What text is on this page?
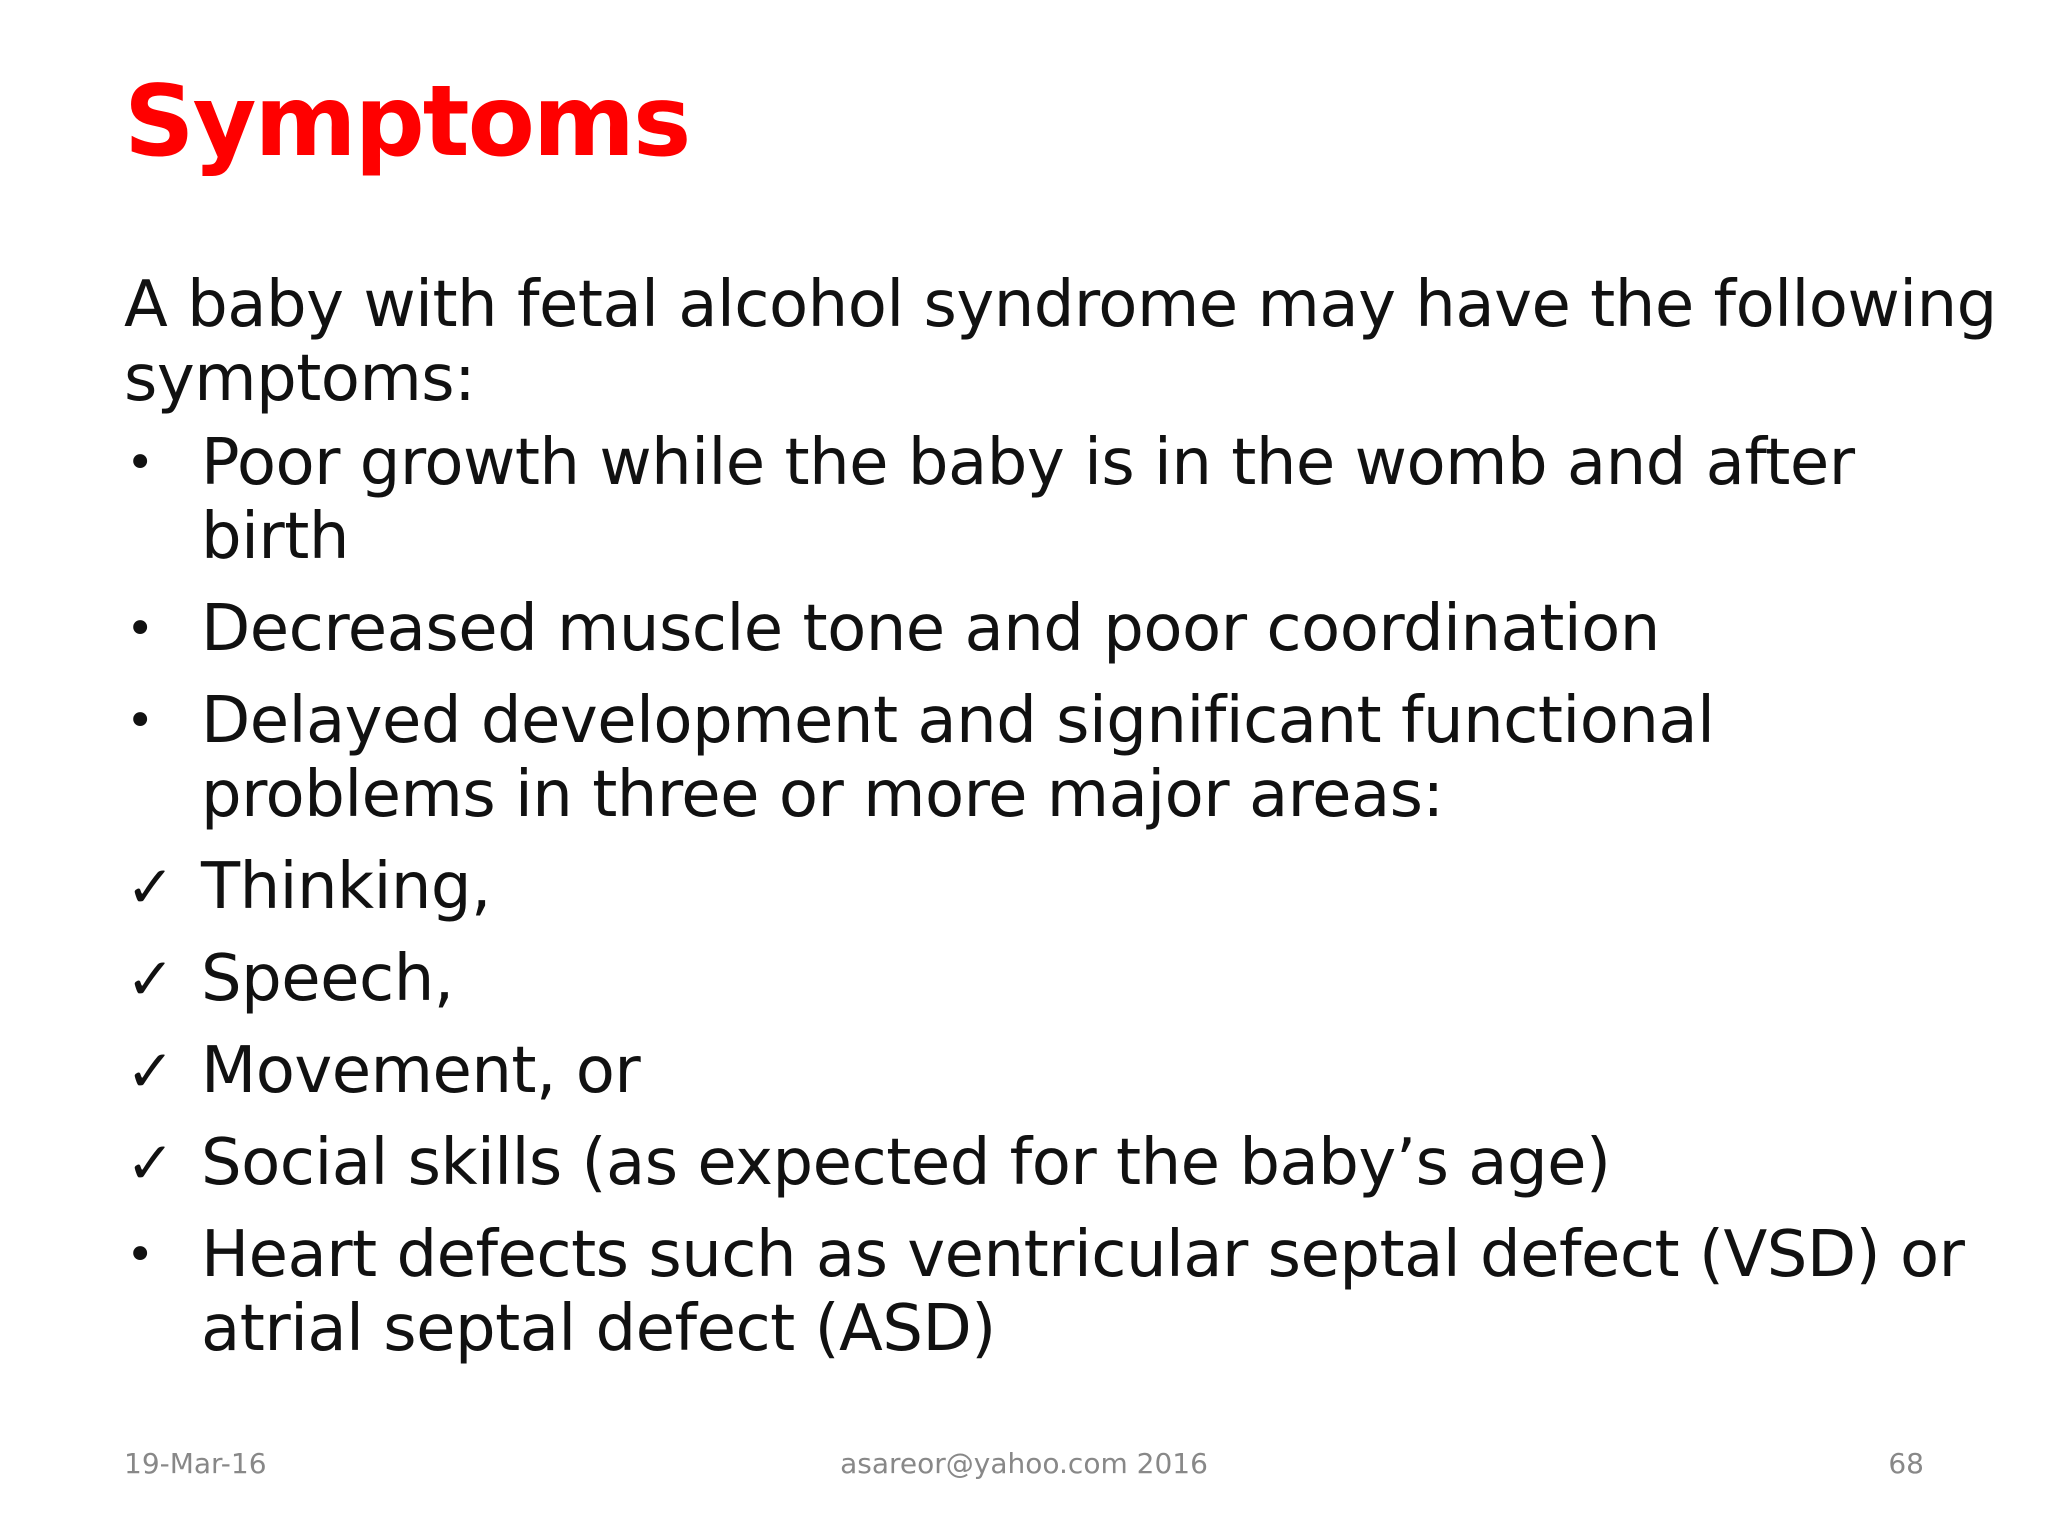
Symptoms
A baby with fetal alcohol syndrome may have the following symptoms:
• Poor growth while the baby is in the womb and after birth
• Decreased muscle tone and poor coordination
• Delayed development and significant functional problems in three or more major areas:
✓ Thinking,
✓ Speech,
✓ Movement, or
✓ Social skills (as expected for the baby’s age)
• Heart defects such as ventricular septal defect (VSD) or atrial septal defect (ASD)
19-Mar-16	asareor@yahoo.com 2016	68
